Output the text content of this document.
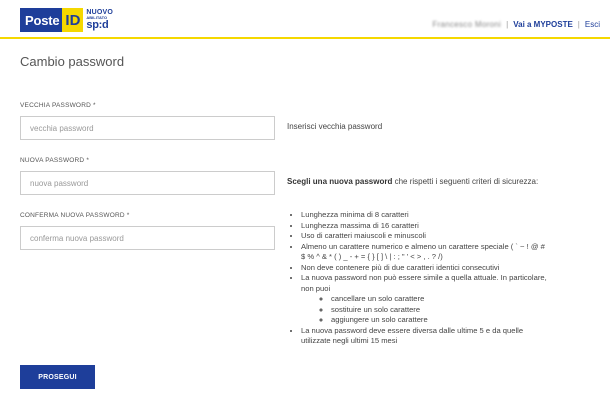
Poste ID NUOVO
ABILITATO
sp:d	Francesco Moroni | Vai a MYPOSTE | Esci
Cambio password
VECCHIA PASSWORD *
vecchia password
NUOVA PASSWORD *
nuova password
CONFERMA NUOVA PASSWORD *
conferma nuova password
Inserisci vecchia password
Scegli una nuova password che rispetti i seguenti criteri di sicurezza:
• Lunghezza minima di 8 caratteri
• Lunghezza massima di 16 caratteri
• Uso di caratteri maiuscoli e minuscoli
• Almeno un carattere numerico e almeno un carattere speciale ( ` ~ ! @ # $ % ^ & * ( ) _ - + = { } [ ] \ | : ; " ' < > , . ? /)
• Non deve contenere più di due caratteri identici consecutivi
• La nuova password non può essere simile a quella attuale. In particolare, non puoi
◦ cancellare un solo carattere
◦ sostituire un solo carattere
◦ aggiungere un solo carattere
• La nuova password deve essere diversa dalle ultime 5 e da quelle utilizzate negli ultimi 15 mesi
PROSEGUI
